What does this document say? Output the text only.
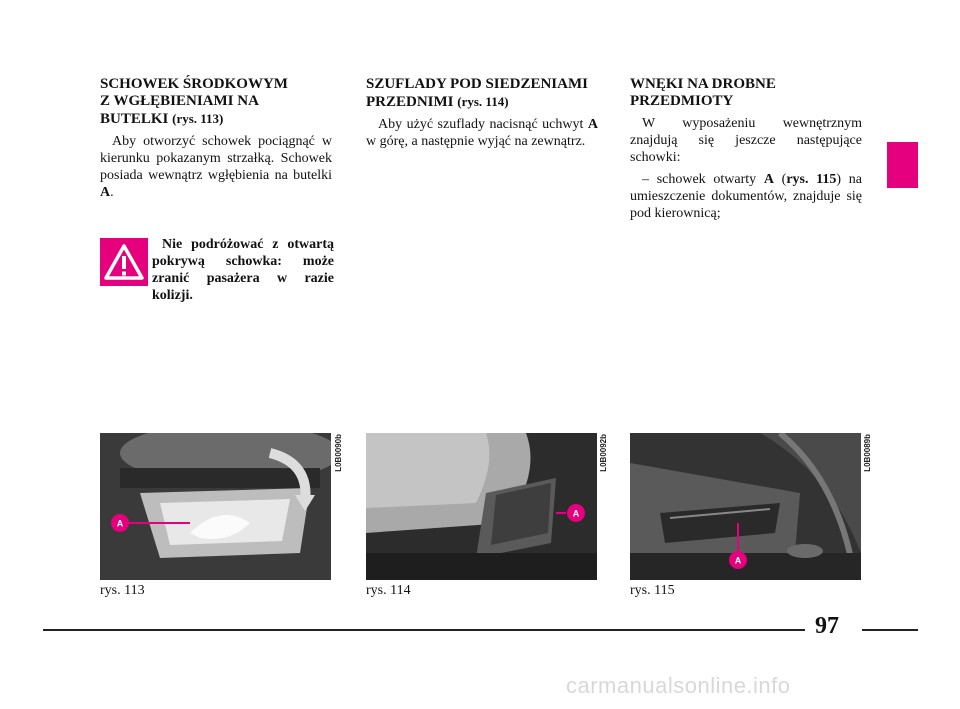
SCHOWEK ŚRODKOWYM
Z WGŁĘBIENIAMI NA
BUTELKI (rys. 113)

Aby otworzyć schowek pociągnąć w kierunku pokazanym strzałką. Schowek posiada wewnątrz wgłębienia na butelki A.

Nie podróżować z otwartą pokrywą schowka: może zranić pasażera w razie kolizji.

SZUFLADY POD SIEDZENIAMI
PRZEDNIMI (rys. 114)

Aby użyć szuflady nacisnąć uchwyt A w górę, a następnie wyjąć na zewnątrz.

WNĘKI NA DROBNE
PRZEDMIOTY

W wyposażeniu wewnętrznym znajdują się jeszcze następujące schowki:

– schowek otwarty A (rys. 115) na umieszczenie dokumentów, znajduje się pod kierownicą;

A
L0B0090b
rys. 113
A
L0B0092b
rys. 114
A
L0B0089b
rys. 115
97
carmanualsonline.info
